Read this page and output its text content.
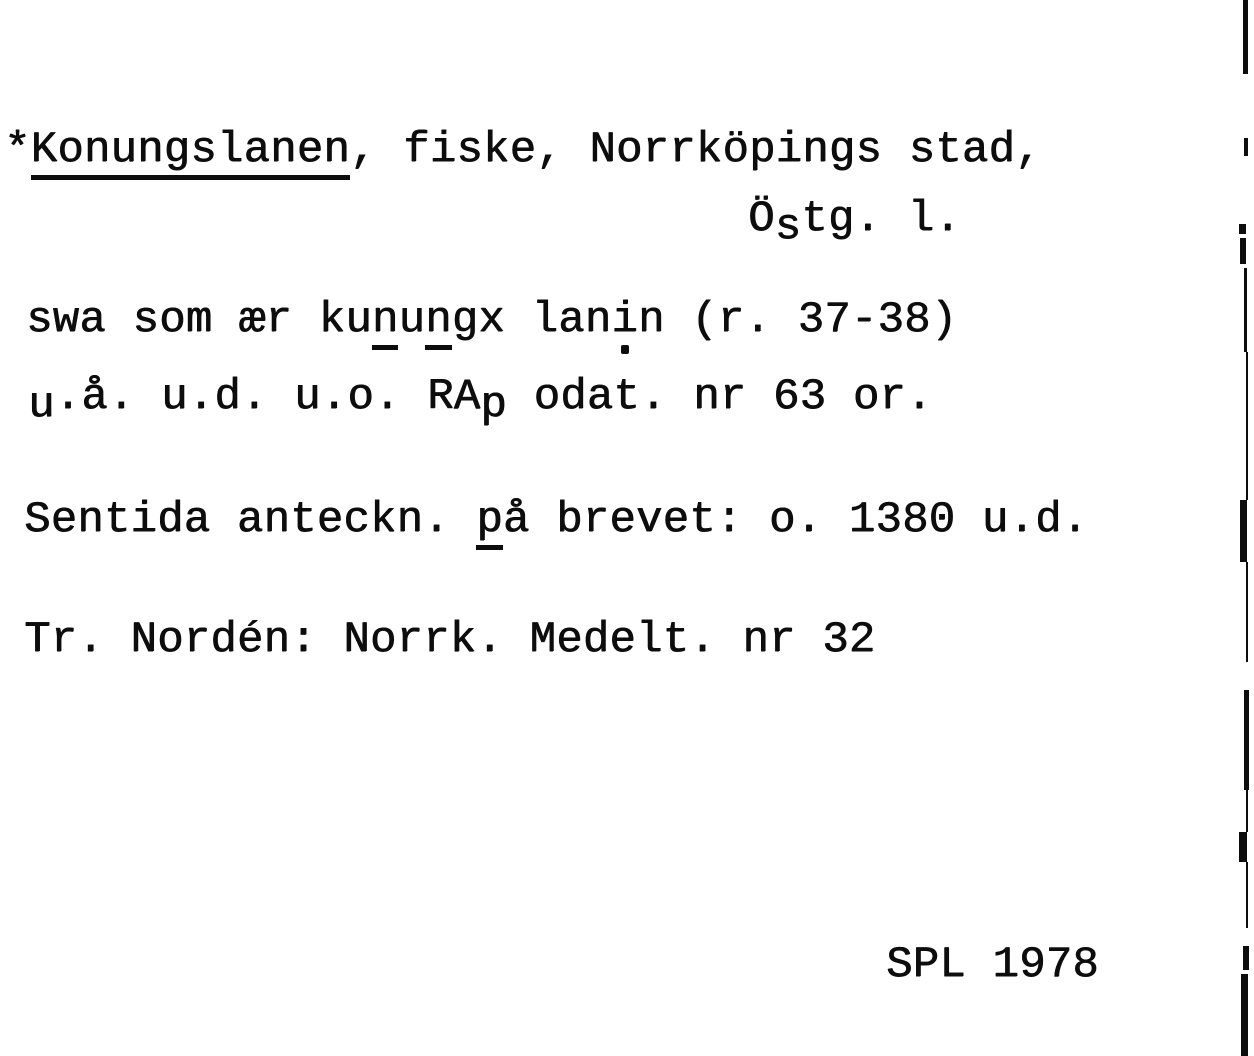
*Konungslanen, fiske, Norrköpings stad,
Östg. l.
swa som ær kunungx lanin (r. 37-38)
u.å. u.d. u.o. RAp odat. nr 63 or.
Sentida anteckn. på brevet: o. 1380 u.d.
Tr. Nordén: Norrk. Medelt. nr 32
SPL 1978
